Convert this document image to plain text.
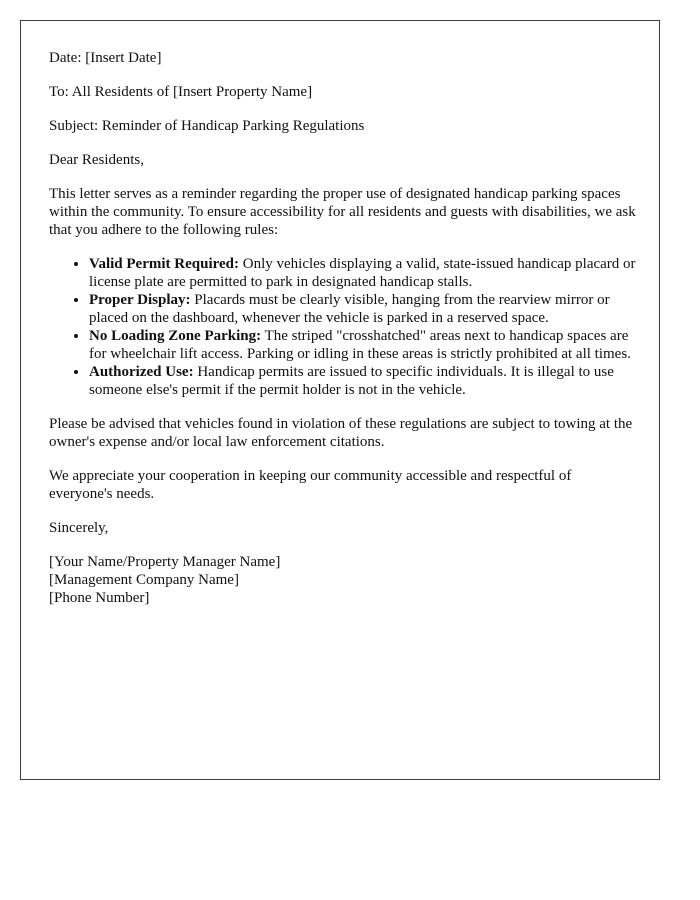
Date: [Insert Date]

To: All Residents of [Insert Property Name]

Subject: Reminder of Handicap Parking Regulations

Dear Residents,

This letter serves as a reminder regarding the proper use of designated handicap parking spaces within the community. To ensure accessibility for all residents and guests with disabilities, we ask that you adhere to the following rules:

• Valid Permit Required: Only vehicles displaying a valid, state-issued handicap placard or license plate are permitted to park in designated handicap stalls.
• Proper Display: Placards must be clearly visible, hanging from the rearview mirror or placed on the dashboard, whenever the vehicle is parked in a reserved space.
• No Loading Zone Parking: The striped "crosshatched" areas next to handicap spaces are for wheelchair lift access. Parking or idling in these areas is strictly prohibited at all times.
• Authorized Use: Handicap permits are issued to specific individuals. It is illegal to use someone else's permit if the permit holder is not in the vehicle.

Please be advised that vehicles found in violation of these regulations are subject to towing at the owner's expense and/or local law enforcement citations.

We appreciate your cooperation in keeping our community accessible and respectful of everyone's needs.

Sincerely,

[Your Name/Property Manager Name]
[Management Company Name]
[Phone Number]
